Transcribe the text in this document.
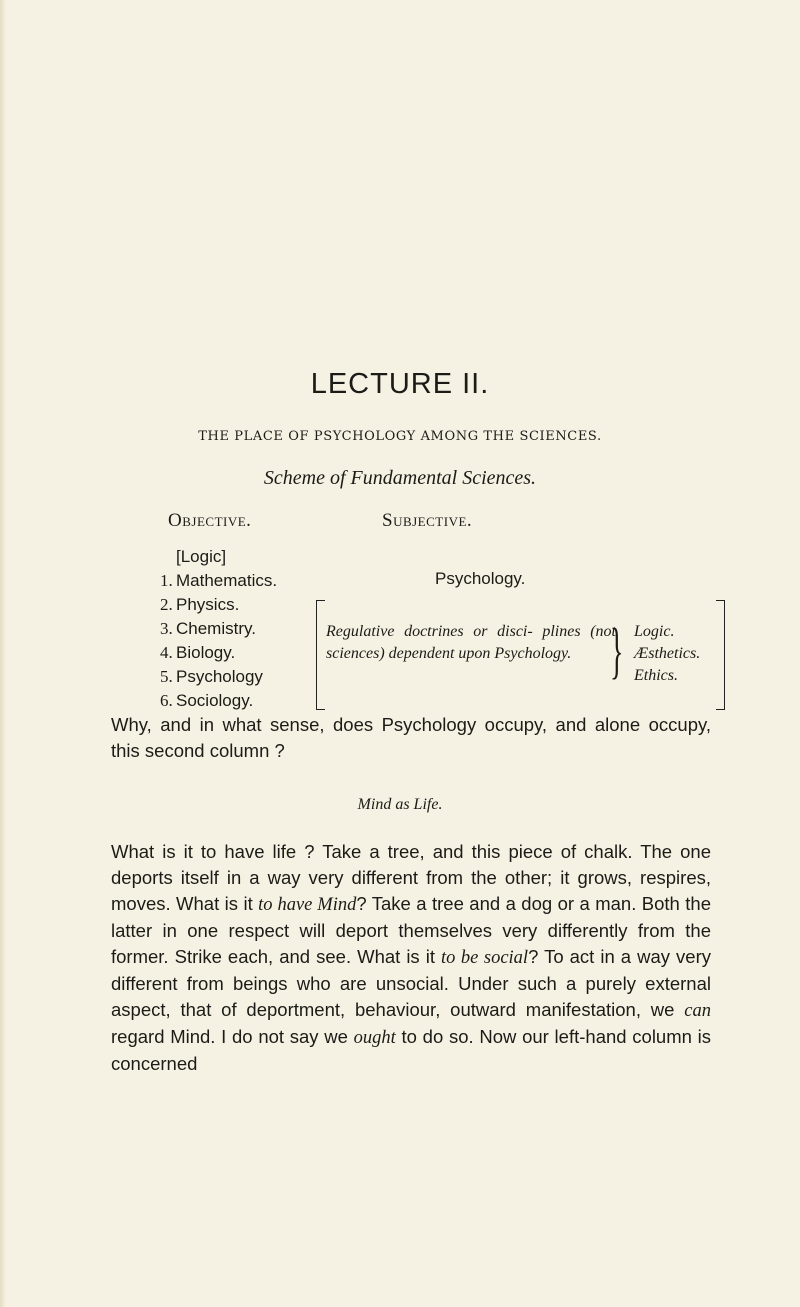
LECTURE II.
THE PLACE OF PSYCHOLOGY AMONG THE SCIENCES.
Scheme of Fundamental Sciences.
Objective.	Subjective.
[Logic]
1. Mathematics.
2. Physics.
3. Chemistry.
4. Biology.
5. Psychology
6. Sociology.
Psychology.
Regulative doctrines or disci- plines (not sciences) dependent upon Psychology. } Logic.
Æsthetics.
Ethics.

Why, and in what sense, does Psychology occupy, and alone occupy, this second column ?

Mind as Life.

What is it to have life ? Take a tree, and this piece of chalk. The one deports itself in a way very different from the other; it grows, respires, moves. What is it to have Mind? Take a tree and a dog or a man. Both the latter in one respect will deport themselves very differently from the former. Strike each, and see. What is it to be social? To act in a way very different from beings who are unsocial. Under such a purely external aspect, that of deportment, behaviour, outward manifestation, we can regard Mind. I do not say we ought to do so. Now our left-hand column is concerned
